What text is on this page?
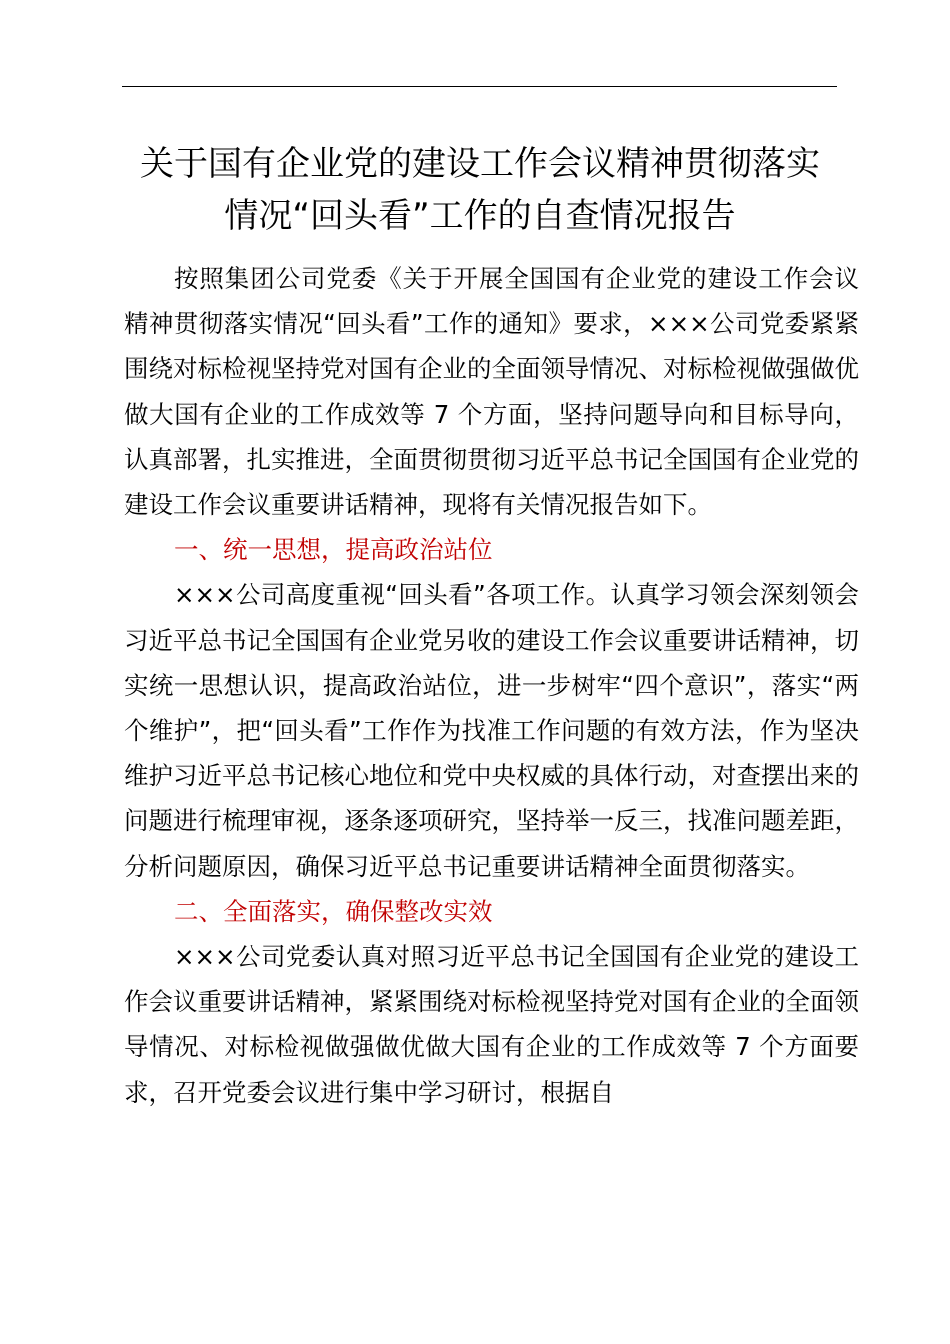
关于国有企业党的建设工作会议精神贯彻落实
情况“回头看”工作的自查情况报告

按照集团公司党委《关于开展全国国有企业党的建设工作会议精神贯彻落实情况“回头看”工作的通知》要求，×××公司党委紧紧围绕对标检视坚持党对国有企业的全面领导情况、对标检视做强做优做大国有企业的工作成效等 7 个方面，坚持问题导向和目标导向，认真部署，扎实推进，全面贯彻贯彻习近平总书记全国国有企业党的建设工作会议重要讲话精神，现将有关情况报告如下。

一、统一思想，提高政治站位

×××公司高度重视“回头看”各项工作。认真学习领会深刻领会习近平总书记全国国有企业党另收的建设工作会议重要讲话精神，切实统一思想认识，提高政治站位，进一步树牢“四个意识”，落实“两个维护”，把“回头看”工作作为找准工作问题的有效方法，作为坚决维护习近平总书记核心地位和党中央权威的具体行动，对查摆出来的问题进行梳理审视，逐条逐项研究，坚持举一反三，找准问题差距，分析问题原因，确保习近平总书记重要讲话精神全面贯彻落实。

二、全面落实，确保整改实效

×××公司党委认真对照习近平总书记全国国有企业党的建设工作会议重要讲话精神，紧紧围绕对标检视坚持党对国有企业的全面领导情况、对标检视做强做优做大国有企业的工作成效等 7 个方面要求，召开党委会议进行集中学习研讨，根据自
